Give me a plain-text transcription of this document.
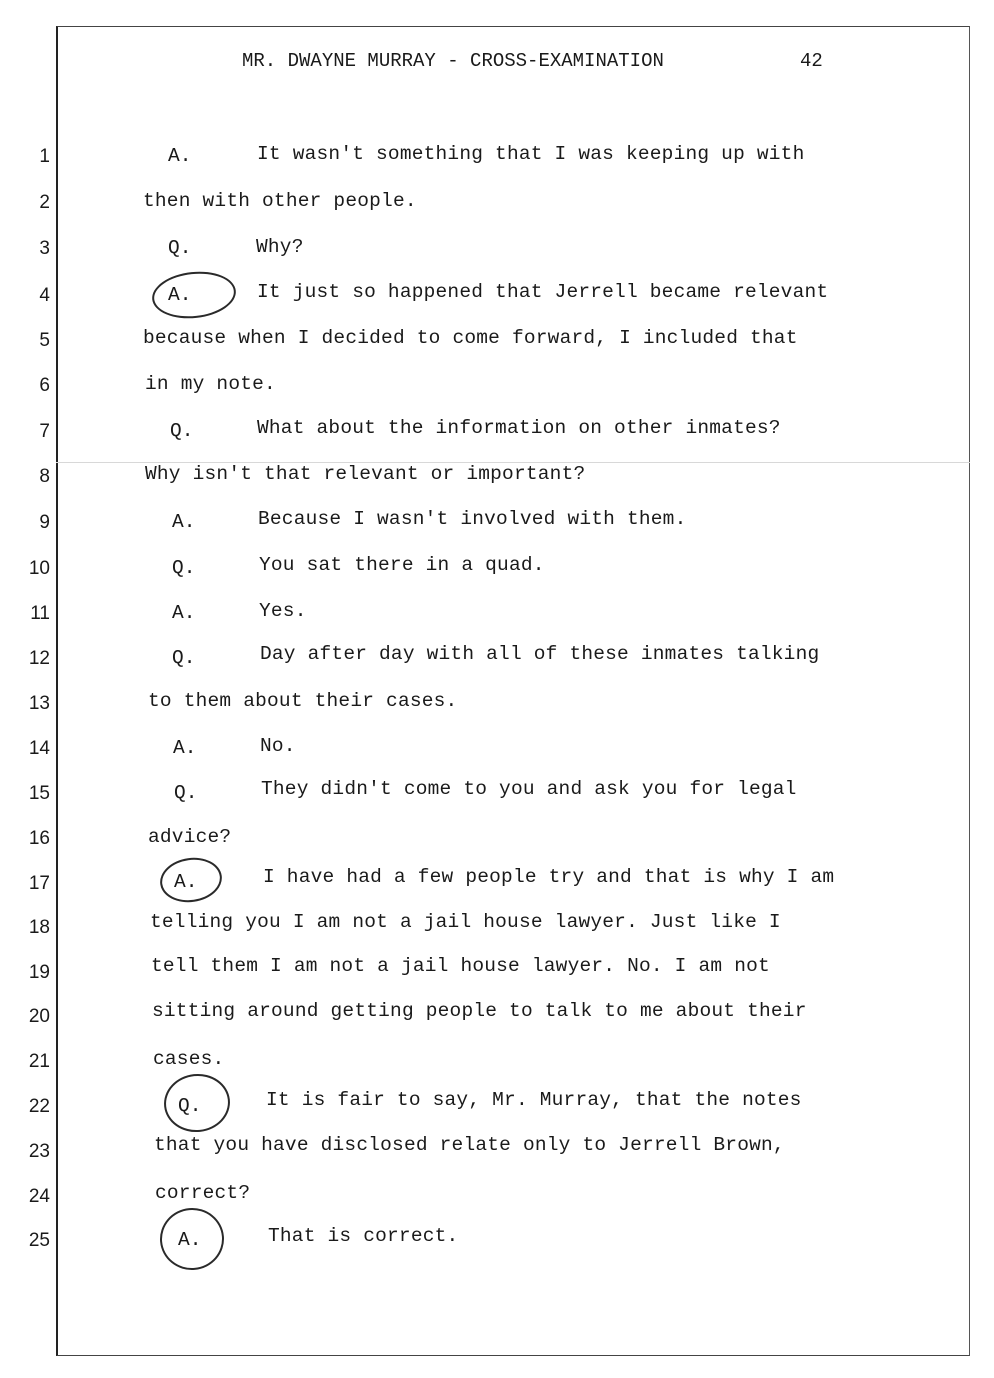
MR. DWAYNE MURRAY - CROSS-EXAMINATION	42
1	A.	It wasn't something that I was keeping up with
2	then with other people.
3	Q.	Why?
4	A.	It just so happened that Jerrell became relevant
5	because when I decided to come forward, I included that
6	in my note.
7	Q.	What about the information on other inmates?
8	Why isn't that relevant or important?
9	A.	Because I wasn't involved with them.
10	Q.	You sat there in a quad.
11	A.	Yes.
12	Q.	Day after day with all of these inmates talking
13	to them about their cases.
14	A.	No.
15	Q.	They didn't come to you and ask you for legal
16	advice?
17	A.	I have had a few people try and that is why I am
18	telling you I am not a jail house lawyer. Just like I
19	tell them I am not a jail house lawyer. No. I am not
20	sitting around getting people to talk to me about their
21	cases.
22	Q.	It is fair to say, Mr. Murray, that the notes
23	that you have disclosed relate only to Jerrell Brown,
24	correct?
25	A.	That is correct.
